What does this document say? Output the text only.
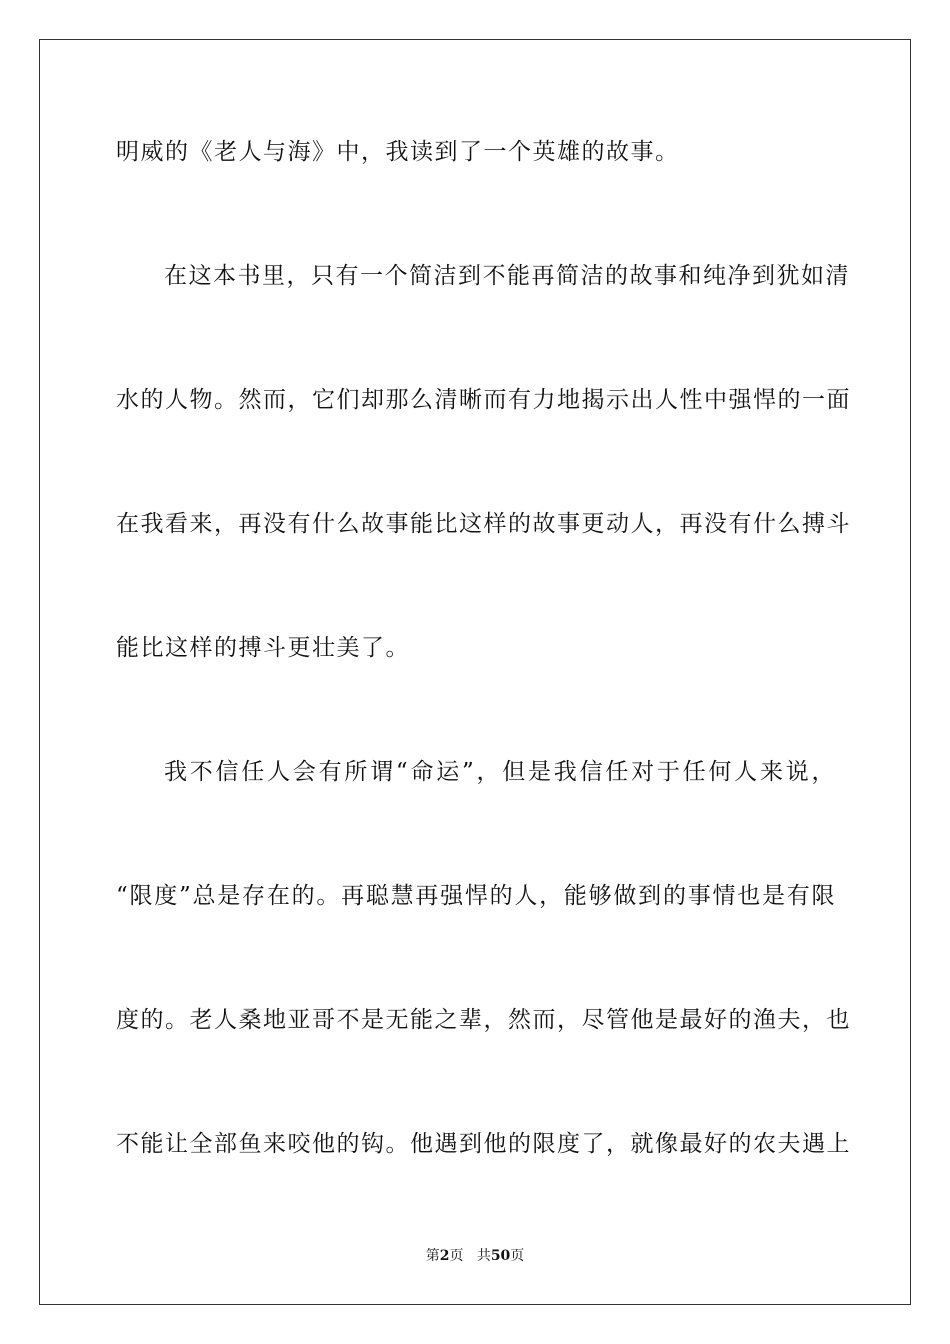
明威的《老人与海》中，我读到了一个英雄的故事。
在这本书里，只有一个简洁到不能再简洁的故事和纯净到犹如清
水的人物。然而，它们却那么清晰而有力地揭示出人性中强悍的一面
在我看来，再没有什么故事能比这样的故事更动人，再没有什么搏斗
能比这样的搏斗更壮美了。
我不信任人会有所谓“命运”，但是我信任对于任何人来说，
“限度”总是存在的。再聪慧再强悍的人，能够做到的事情也是有限
度的。老人桑地亚哥不是无能之辈，然而，尽管他是最好的渔夫，也
不能让全部鱼来咬他的钩。他遇到他的限度了，就像最好的农夫遇上
第2页 共50页
